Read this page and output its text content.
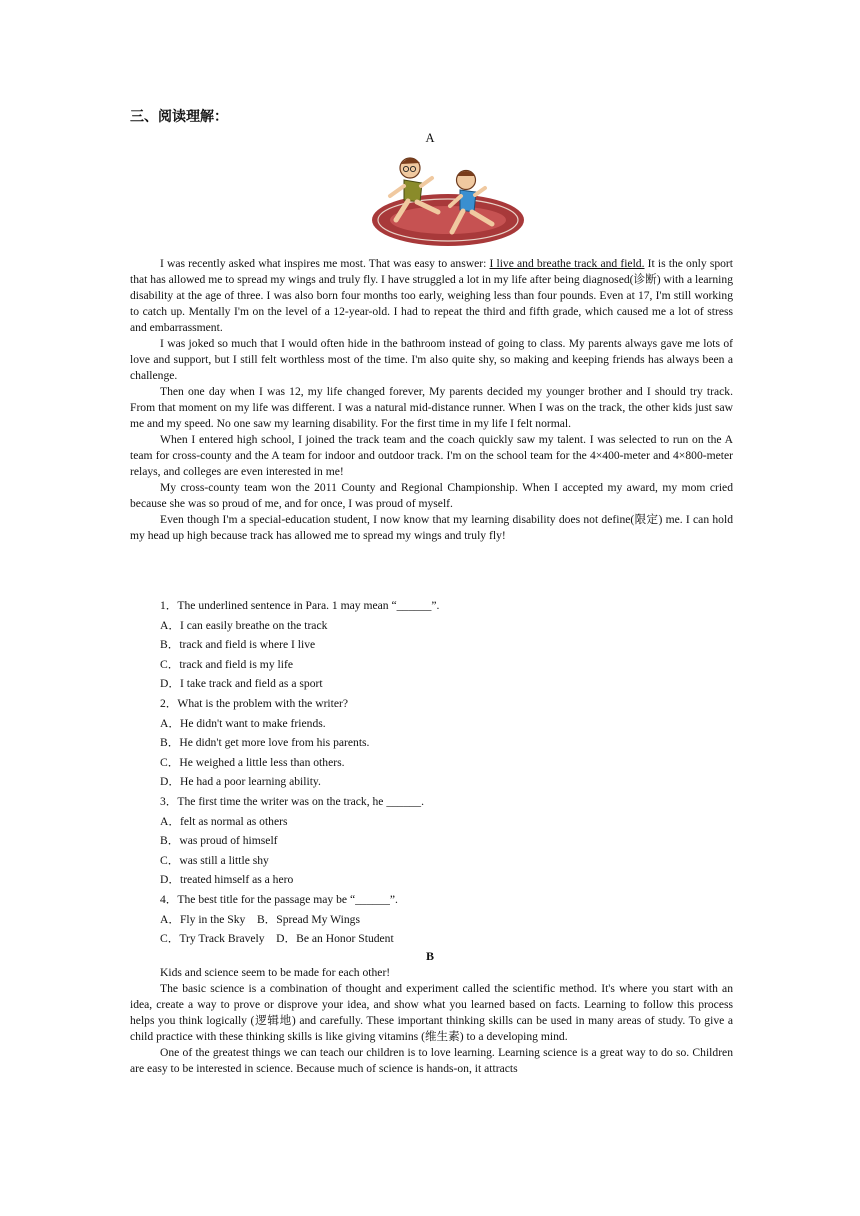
三、阅读理解：
A

I was recently asked what inspires me most. That was easy to answer: I live and breathe track and field. It is the only sport that has allowed me to spread my wings and truly fly. I have struggled a lot in my life after being diagnosed(诊断) with a learning disability at the age of three. I was also born four months too early, weighing less than four pounds. Even at 17, I'm still working to catch up. Mentally I'm on the level of a 12-year-old. I had to repeat the third and fifth grade, which caused me a lot of stress and embarrassment.

I was joked so much that I would often hide in the bathroom instead of going to class. My parents always gave me lots of love and support, but I still felt worthless most of the time. I'm also quite shy, so making and keeping friends has always been a challenge.

Then one day when I was 12, my life changed forever, My parents decided my younger brother and I should try track. From that moment on my life was different. I was a natural mid-distance runner. When I was on the track, the other kids just saw me and my speed. No one saw my learning disability. For the first time in my life I felt normal.

When I entered high school, I joined the track team and the coach quickly saw my talent. I was selected to run on the A team for cross-county and the A team for indoor and outdoor track. I'm on the school team for the 4×400-meter and 4×800-meter relays, and colleges are even interested in me!

My cross-county team won the 2011 County and Regional Championship. When I accepted my award, my mom cried because she was so proud of me, and for once, I was proud of myself.

Even though I'm a special-education student, I now know that my learning disability does not define(限定) me. I can hold my head up high because track has allowed me to spread my wings and truly fly!

1．The underlined sentence in Para. 1 may mean “______”.

A．I can easily breathe on the track

B．track and field is where I live

C．track and field is my life

D．I take track and field as a sport

2．What is the problem with the writer?

A．He didn't want to make friends.

B．He didn't get more love from his parents.

C．He weighed a little less than others.

D．He had a poor learning ability.

3．The first time the writer was on the track, he ______.

A．felt as normal as others

B．was proud of himself

C．was still a little shy

D．treated himself as a hero

4．The best title for the passage may be “______”.

A．Fly in the Sky　B．Spread My Wings

C．Try Track Bravely　D．Be an Honor Student

B

Kids and science seem to be made for each other!

The basic science is a combination of thought and experiment called the scientific method. It's where you start with an idea, create a way to prove or disprove your idea, and show what you learned based on facts. Learning to follow this process helps you think logically (逻辑地) and carefully. These important thinking skills can be used in many areas of study. To give a child practice with these thinking skills is like giving vitamins (维生素) to a developing mind.

One of the greatest things we can teach our children is to love learning. Learning science is a great way to do so. Children are easy to be interested in science. Because much of science is hands-on, it attracts
